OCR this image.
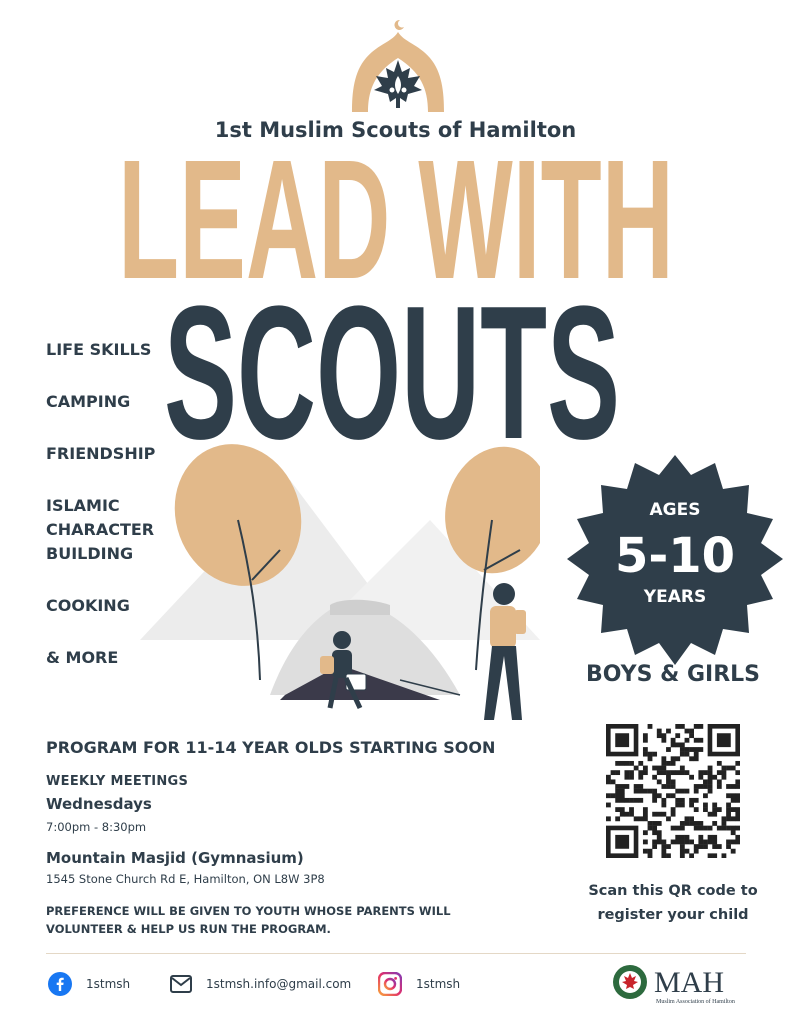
1st Muslim Scouts of Hamilton
LEAD WITH
SCOUTS
LIFE SKILLS
CAMPING
FRIENDSHIP
ISLAMIC
CHARACTER
BUILDING
COOKING
& MORE
AGES
5-10
YEARS
BOYS & GIRLS
PROGRAM FOR 11-14 YEAR OLDS STARTING SOON
WEEKLY MEETINGS
Wednesdays
7:00pm - 8:30pm
Mountain Masjid (Gymnasium)
1545 Stone Church Rd E, Hamilton, ON L8W 3P8
PREFERENCE WILL BE GIVEN TO YOUTH WHOSE PARENTS WILL
VOLUNTEER & HELP US RUN THE PROGRAM.
Scan this QR code to
register your child
1stmsh	1stmsh.info@gmail.com	1stmsh	MAH
Muslim Association of Hamilton
